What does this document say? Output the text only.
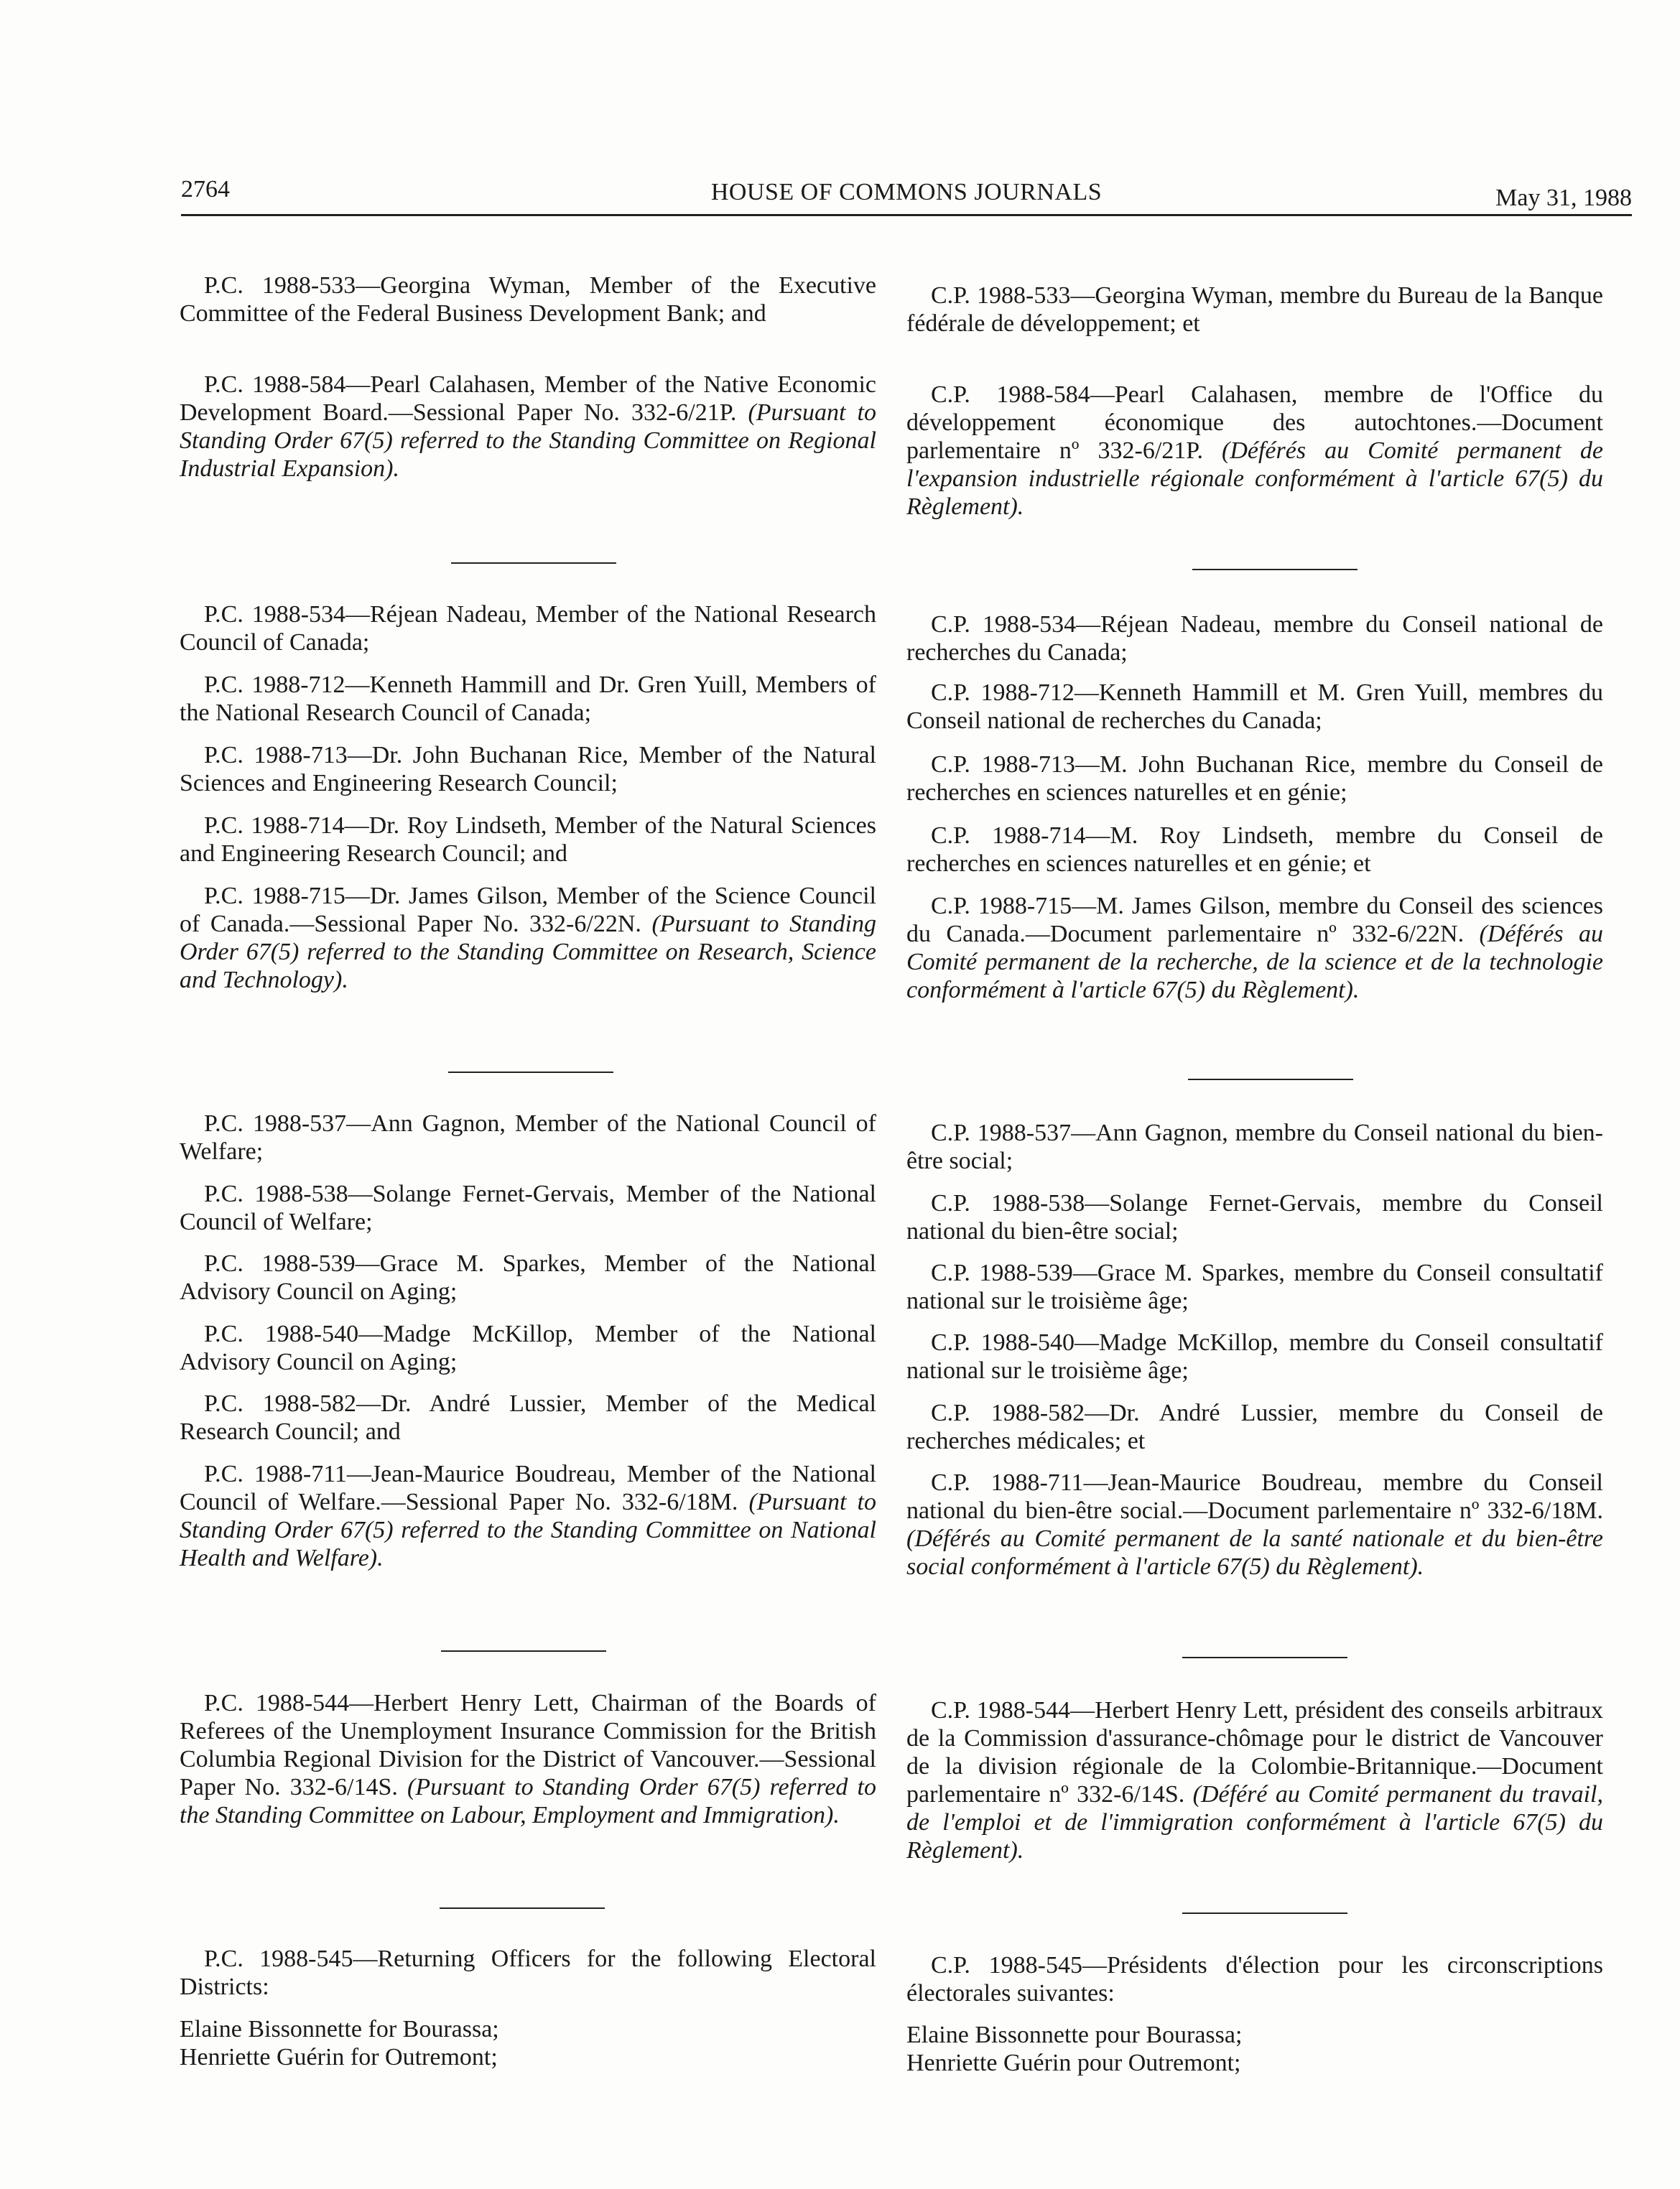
2764	HOUSE OF COMMONS JOURNALS	May 31, 1988

P.C. 1988-533—Georgina Wyman, Member of the Executive Committee of the Federal Business Development Bank; and

P.C. 1988-584—Pearl Calahasen, Member of the Native Economic Development Board.—Sessional Paper No. 332-6/21P. (Pursuant to Standing Order 67(5) referred to the Standing Committee on Regional Industrial Expansion).

P.C. 1988-534—Réjean Nadeau, Member of the National Research Council of Canada;

P.C. 1988-712—Kenneth Hammill and Dr. Gren Yuill, Members of the National Research Council of Canada;

P.C. 1988-713—Dr. John Buchanan Rice, Member of the Natural Sciences and Engineering Research Council;

P.C. 1988-714—Dr. Roy Lindseth, Member of the Natural Sciences and Engineering Research Council; and

P.C. 1988-715—Dr. James Gilson, Member of the Science Council of Canada.—Sessional Paper No. 332-6/22N. (Pursuant to Standing Order 67(5) referred to the Standing Committee on Research, Science and Technology).

P.C. 1988-537—Ann Gagnon, Member of the National Council of Welfare;

P.C. 1988-538—Solange Fernet-Gervais, Member of the National Council of Welfare;

P.C. 1988-539—Grace M. Sparkes, Member of the National Advisory Council on Aging;

P.C. 1988-540—Madge McKillop, Member of the National Advisory Council on Aging;

P.C. 1988-582—Dr. André Lussier, Member of the Medical Research Council; and

P.C. 1988-711—Jean-Maurice Boudreau, Member of the National Council of Welfare.—Sessional Paper No. 332-6/18M. (Pursuant to Standing Order 67(5) referred to the Standing Committee on National Health and Welfare).

P.C. 1988-544—Herbert Henry Lett, Chairman of the Boards of Referees of the Unemployment Insurance Commission for the British Columbia Regional Division for the District of Vancouver.—Sessional Paper No. 332-6/14S. (Pursuant to Standing Order 67(5) referred to the Standing Committee on Labour, Employment and Immigration).

P.C. 1988-545—Returning Officers for the following Electoral Districts:

Elaine Bissonnette for Bourassa;

Henriette Guérin for Outremont;

C.P. 1988-533—Georgina Wyman, membre du Bureau de la Banque fédérale de développement; et

C.P. 1988-584—Pearl Calahasen, membre de l'Office du développement économique des autochtones.—Document parlementaire nº 332-6/21P. (Déférés au Comité permanent de l'expansion industrielle régionale conformément à l'article 67(5) du Règlement).

C.P. 1988-534—Réjean Nadeau, membre du Conseil national de recherches du Canada;

C.P. 1988-712—Kenneth Hammill et M. Gren Yuill, membres du Conseil national de recherches du Canada;

C.P. 1988-713—M. John Buchanan Rice, membre du Conseil de recherches en sciences naturelles et en génie;

C.P. 1988-714—M. Roy Lindseth, membre du Conseil de recherches en sciences naturelles et en génie; et

C.P. 1988-715—M. James Gilson, membre du Conseil des sciences du Canada.—Document parlementaire nº 332-6/22N. (Déférés au Comité permanent de la recherche, de la science et de la technologie conformément à l'article 67(5) du Règlement).

C.P. 1988-537—Ann Gagnon, membre du Conseil national du bien-être social;

C.P. 1988-538—Solange Fernet-Gervais, membre du Conseil national du bien-être social;

C.P. 1988-539—Grace M. Sparkes, membre du Conseil consultatif national sur le troisième âge;

C.P. 1988-540—Madge McKillop, membre du Conseil consultatif national sur le troisième âge;

C.P. 1988-582—Dr. André Lussier, membre du Conseil de recherches médicales; et

C.P. 1988-711—Jean-Maurice Boudreau, membre du Conseil national du bien-être social.—Document parlementaire nº 332-6/18M. (Déférés au Comité permanent de la santé nationale et du bien-être social conformément à l'article 67(5) du Règlement).

C.P. 1988-544—Herbert Henry Lett, président des conseils arbitraux de la Commission d'assurance-chômage pour le district de Vancouver de la division régionale de la Colombie-Britannique.—Document parlementaire nº 332-6/14S. (Déféré au Comité permanent du travail, de l'emploi et de l'immigration conformément à l'article 67(5) du Règlement).

C.P. 1988-545—Présidents d'élection pour les circonscriptions électorales suivantes:

Elaine Bissonnette pour Bourassa;

Henriette Guérin pour Outremont;
